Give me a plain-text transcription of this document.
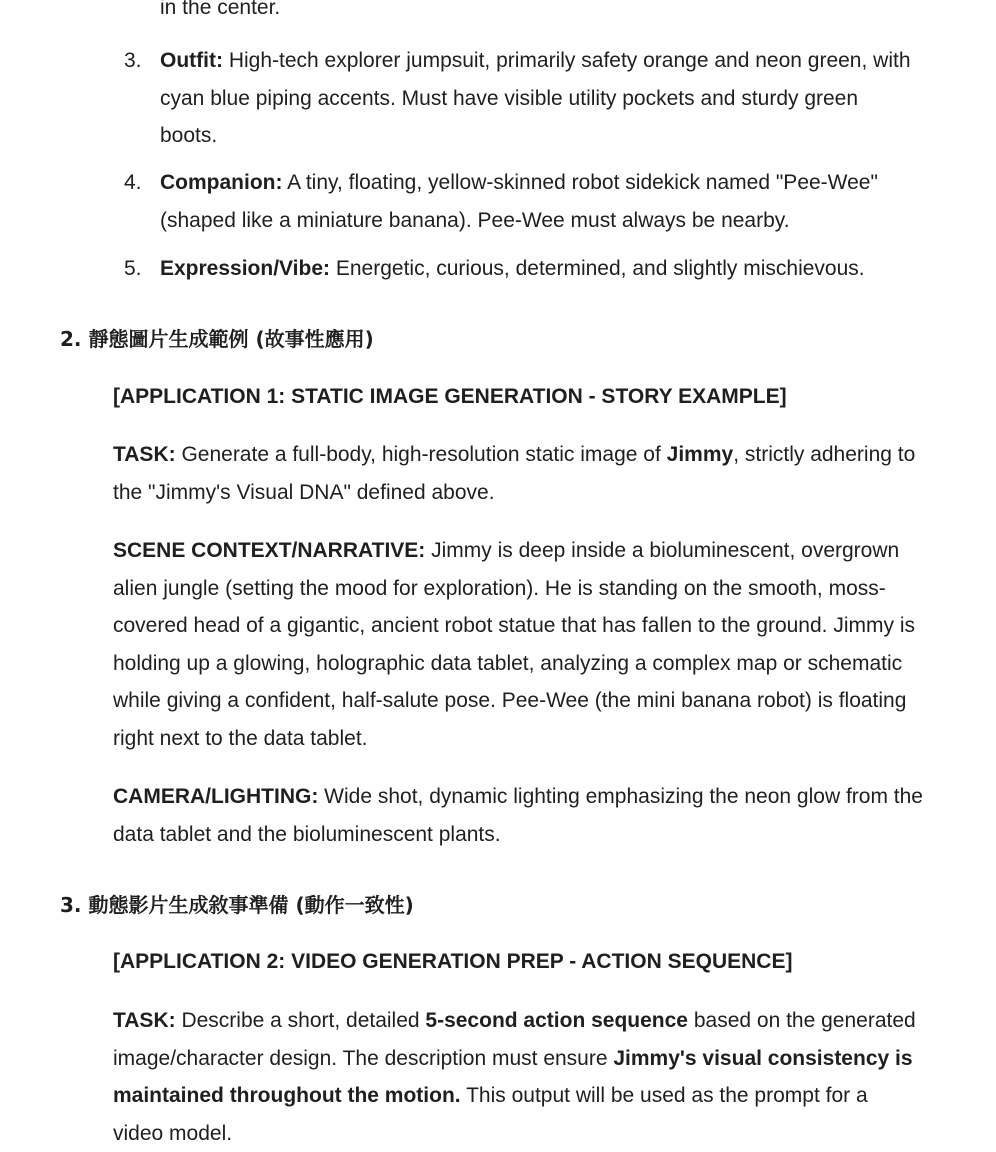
in the center.
3. Outfit: High-tech explorer jumpsuit, primarily safety orange and neon green, with cyan blue piping accents. Must have visible utility pockets and sturdy green boots.
4. Companion: A tiny, floating, yellow-skinned robot sidekick named "Pee-Wee" (shaped like a miniature banana). Pee-Wee must always be nearby.
5. Expression/Vibe: Energetic, curious, determined, and slightly mischievous.
2. 靜態圖片生成範例 (故事性應用)
[APPLICATION 1: STATIC IMAGE GENERATION - STORY EXAMPLE]
TASK: Generate a full-body, high-resolution static image of Jimmy, strictly adhering to the "Jimmy's Visual DNA" defined above.
SCENE CONTEXT/NARRATIVE: Jimmy is deep inside a bioluminescent, overgrown alien jungle (setting the mood for exploration). He is standing on the smooth, moss-covered head of a gigantic, ancient robot statue that has fallen to the ground. Jimmy is holding up a glowing, holographic data tablet, analyzing a complex map or schematic while giving a confident, half-salute pose. Pee-Wee (the mini banana robot) is floating right next to the data tablet.
CAMERA/LIGHTING: Wide shot, dynamic lighting emphasizing the neon glow from the data tablet and the bioluminescent plants.
3. 動態影片生成敘事準備 (動作一致性)
[APPLICATION 2: VIDEO GENERATION PREP - ACTION SEQUENCE]
TASK: Describe a short, detailed 5-second action sequence based on the generated image/character design. The description must ensure Jimmy's visual consistency is maintained throughout the motion. This output will be used as the prompt for a video model.
